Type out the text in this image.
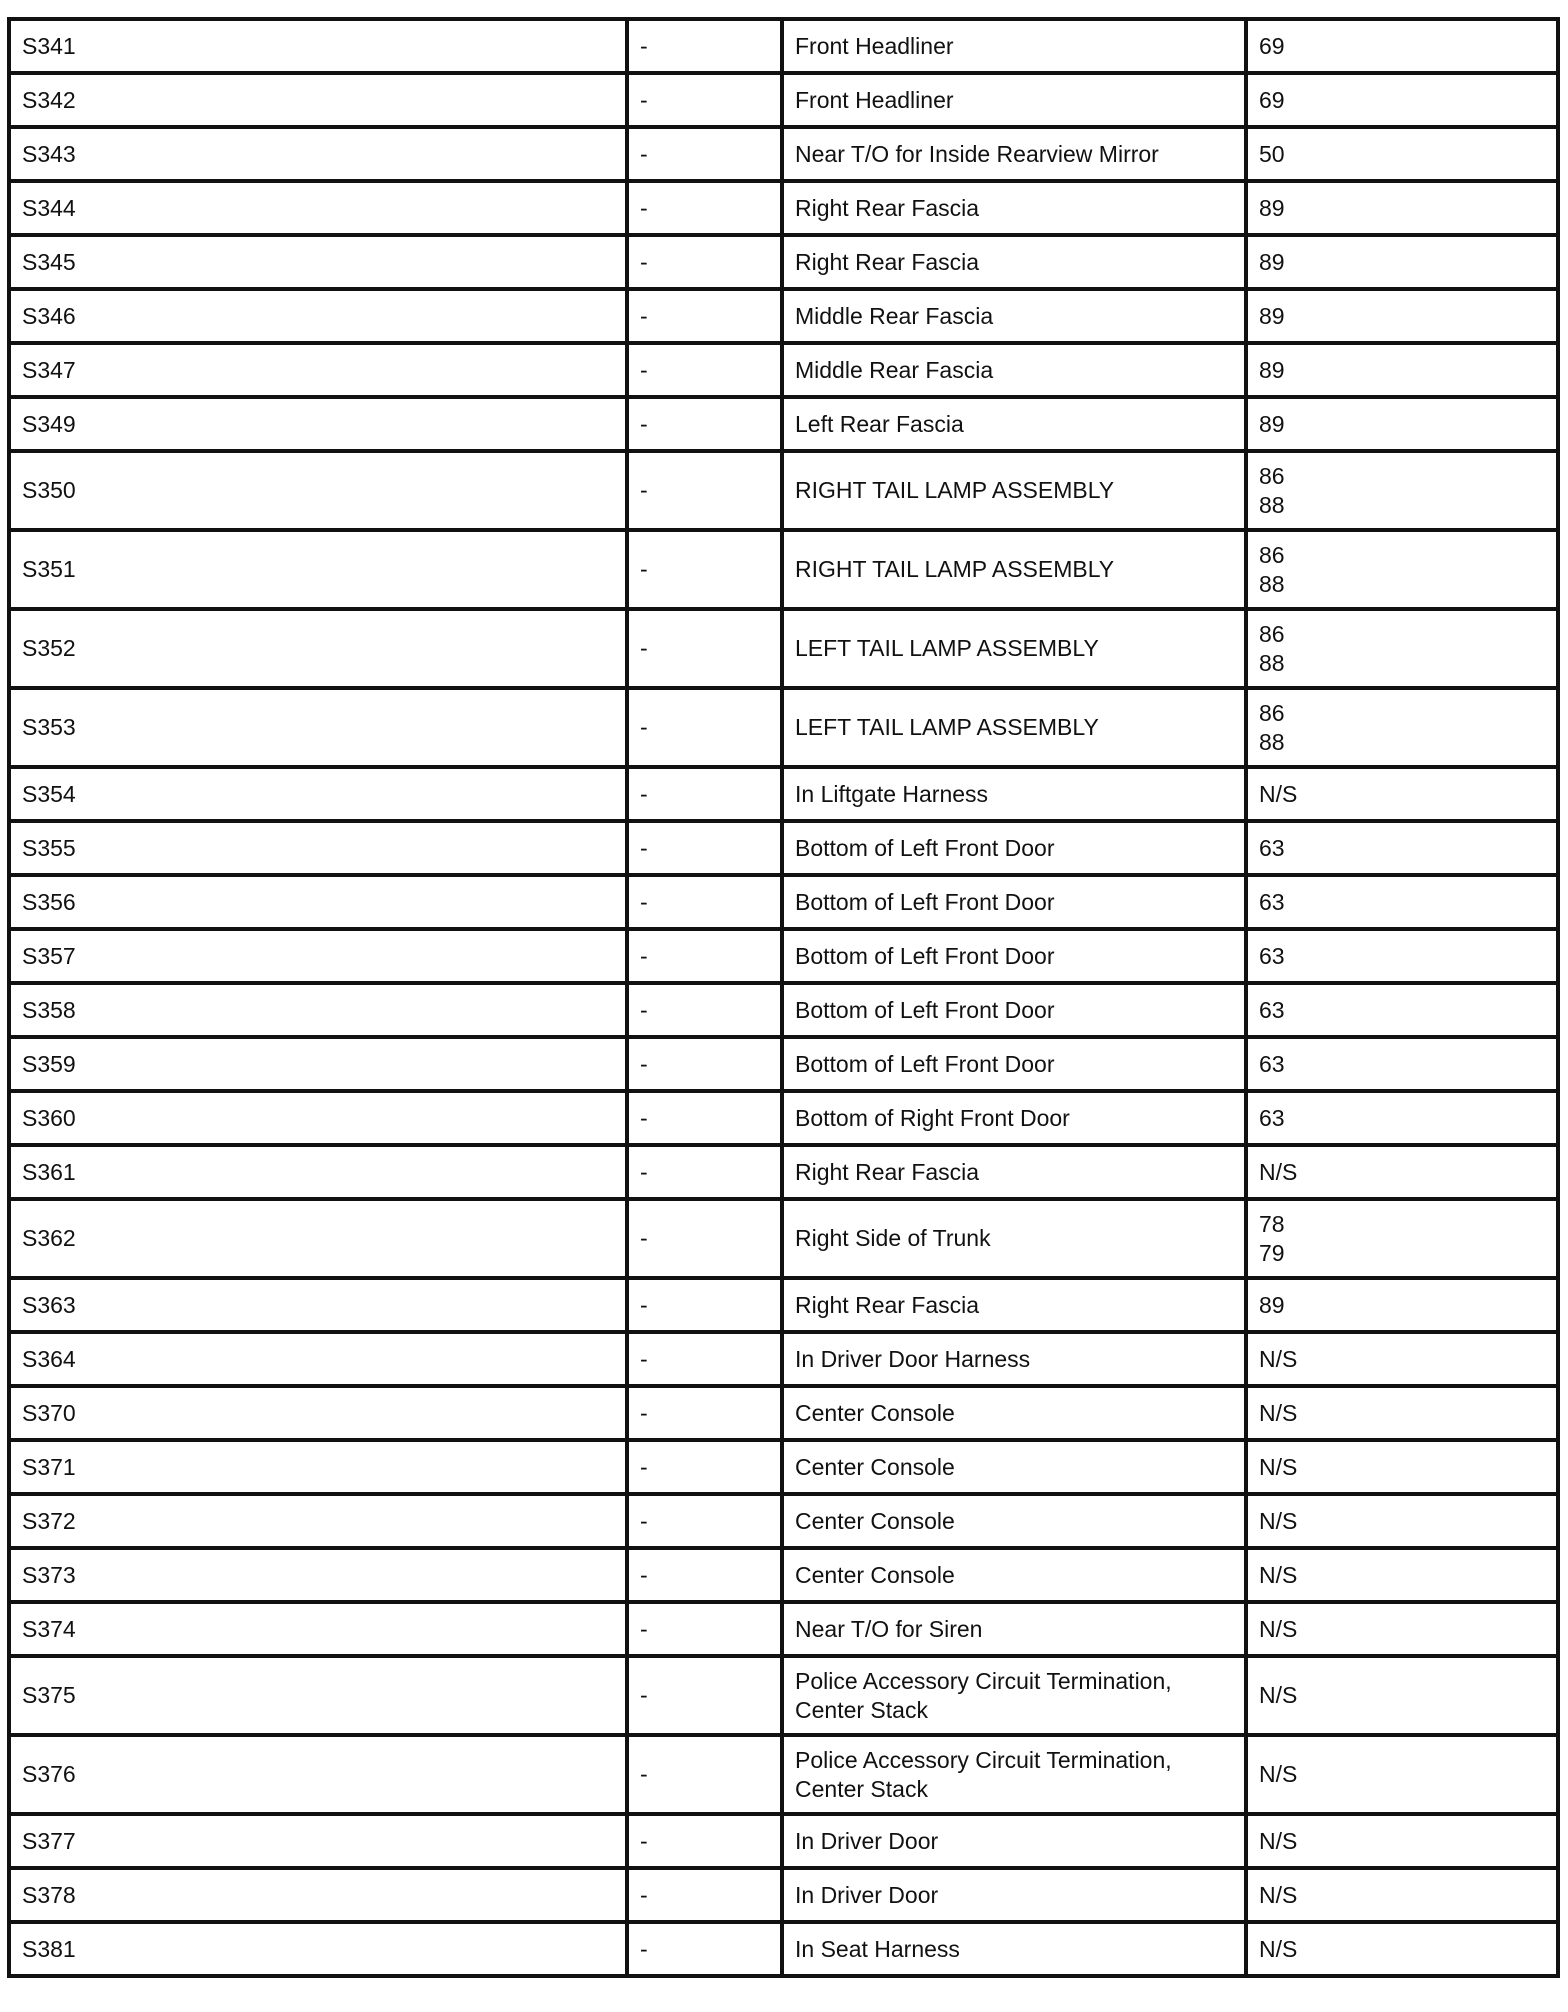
S341	-	Front Headliner	69

S342	-	Front Headliner	69

S343	-	Near T/O for Inside Rearview Mirror	50

S344	-	Right Rear Fascia	89

S345	-	Right Rear Fascia	89

S346	-	Middle Rear Fascia	89

S347	-	Middle Rear Fascia	89

S349	-	Left Rear Fascia	89

S350	-	RIGHT TAIL LAMP ASSEMBLY	86
88

S351	-	RIGHT TAIL LAMP ASSEMBLY	86
88

S352	-	LEFT TAIL LAMP ASSEMBLY	86
88

S353	-	LEFT TAIL LAMP ASSEMBLY	86
88

S354	-	In Liftgate Harness	N/S

S355	-	Bottom of Left Front Door	63

S356	-	Bottom of Left Front Door	63

S357	-	Bottom of Left Front Door	63

S358	-	Bottom of Left Front Door	63

S359	-	Bottom of Left Front Door	63

S360	-	Bottom of Right Front Door	63

S361	-	Right Rear Fascia	N/S

S362	-	Right Side of Trunk	78
79

S363	-	Right Rear Fascia	89

S364	-	In Driver Door Harness	N/S

S370	-	Center Console	N/S

S371	-	Center Console	N/S

S372	-	Center Console	N/S

S373	-	Center Console	N/S

S374	-	Near T/O for Siren	N/S

S375	-	Police Accessory Circuit Termination,
Center Stack	N/S

S376	-	Police Accessory Circuit Termination,
Center Stack	N/S

S377	-	In Driver Door	N/S

S378	-	In Driver Door	N/S

S381	-	In Seat Harness	N/S
